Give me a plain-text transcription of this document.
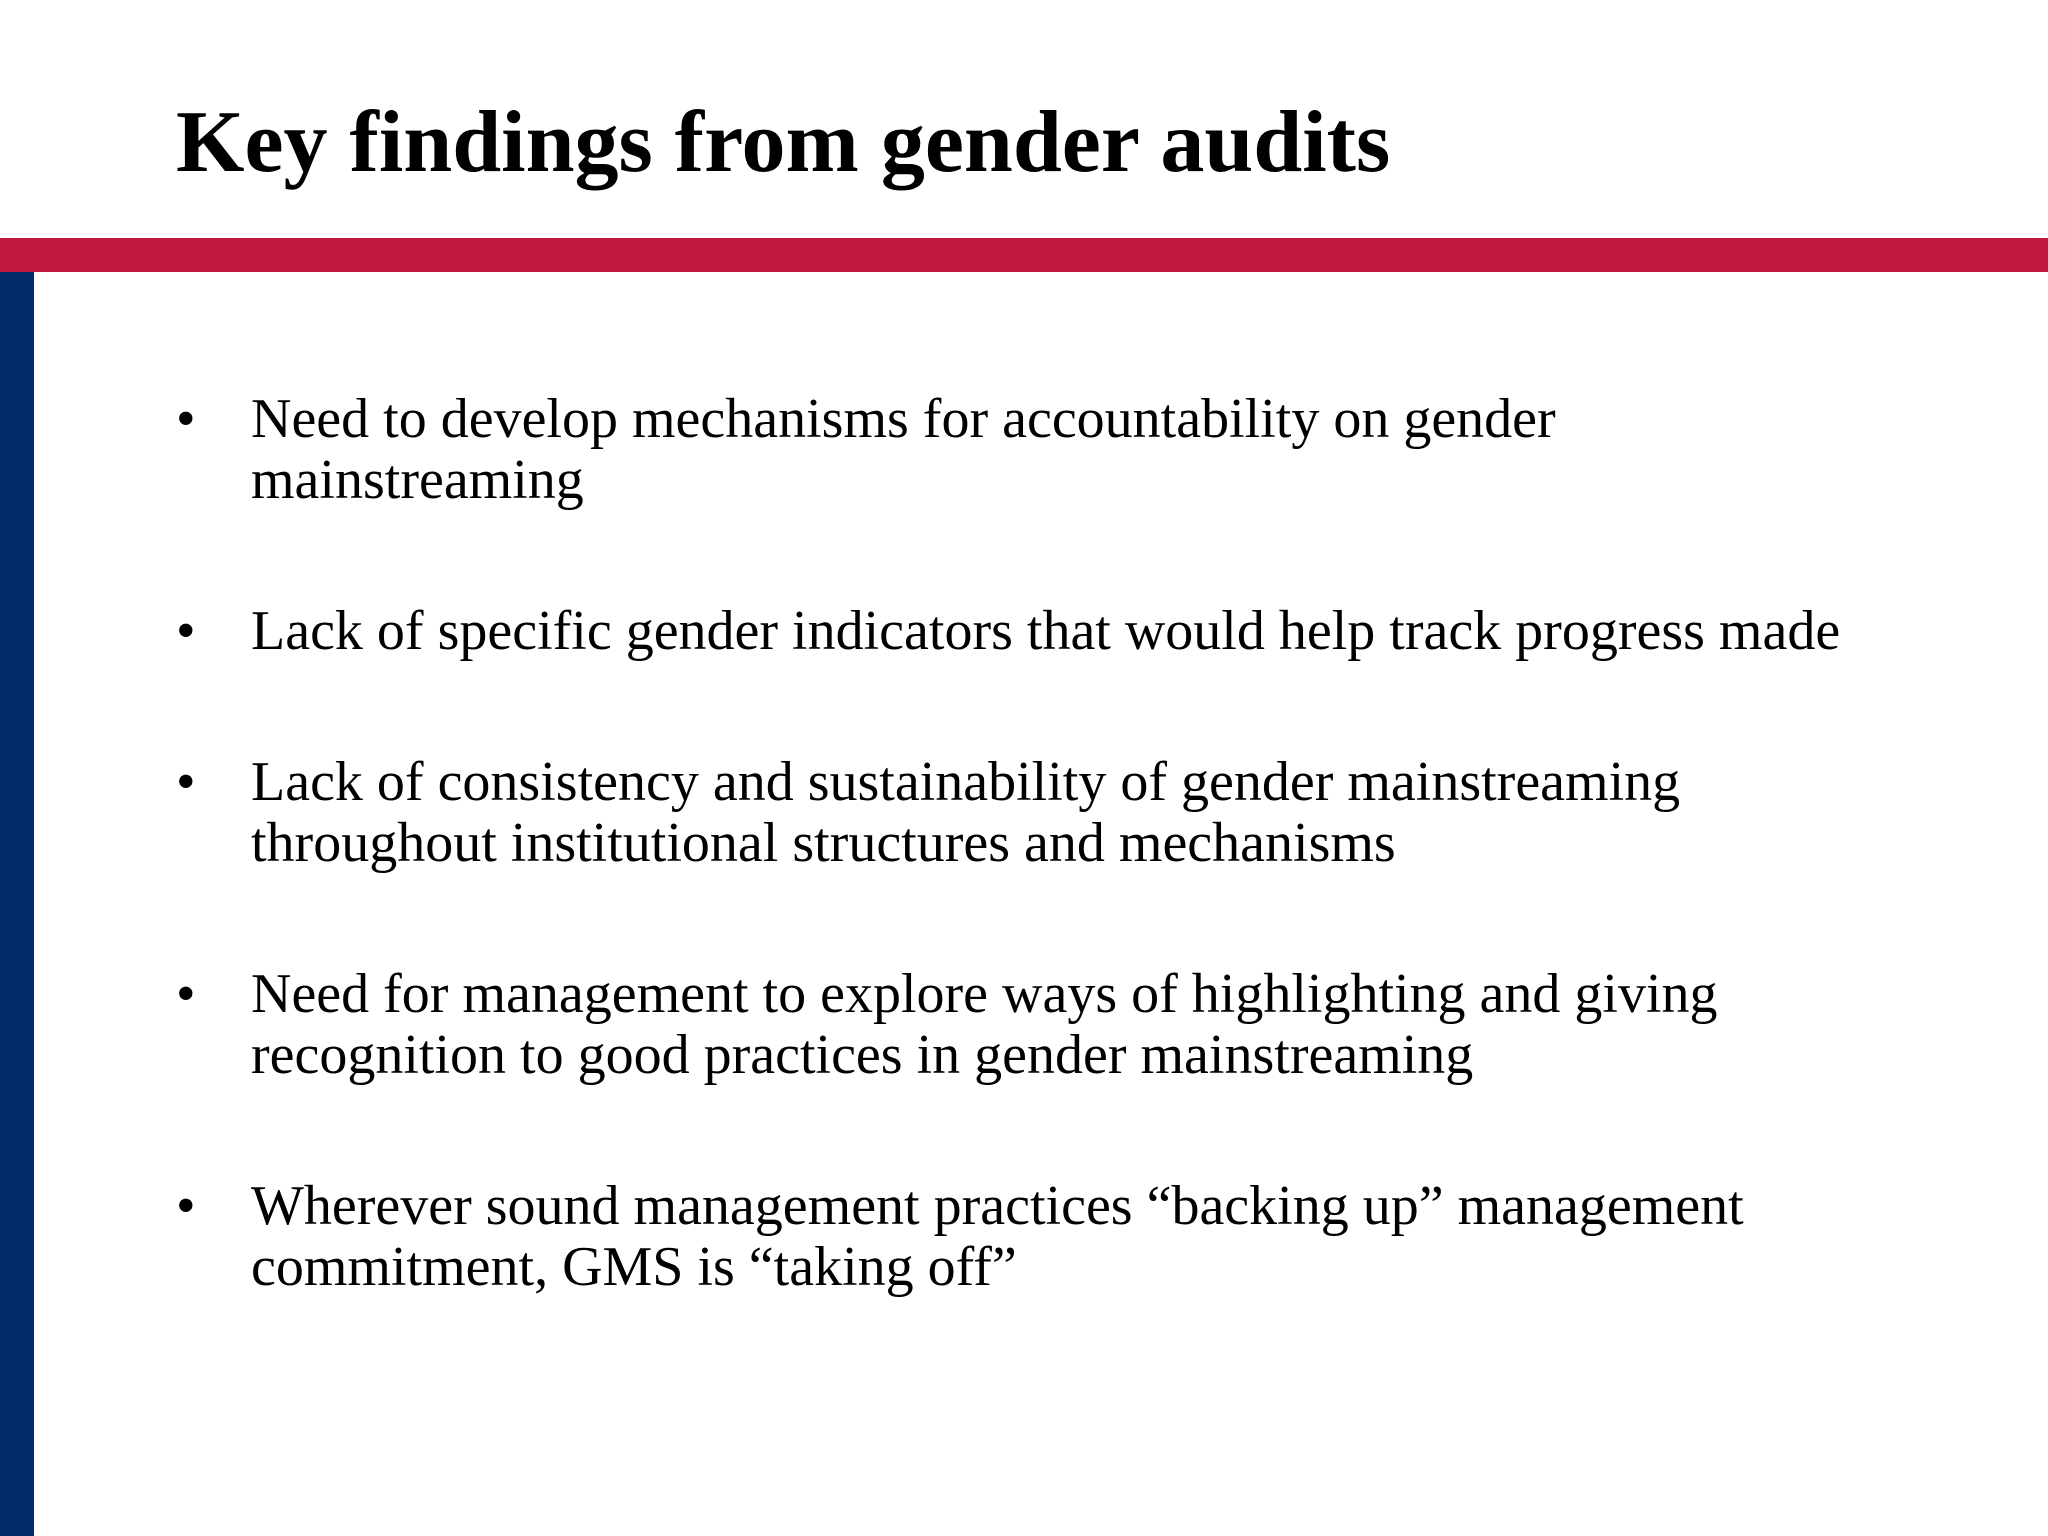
Key findings from gender audits
• Need to develop mechanisms for accountability on gender
mainstreaming
• Lack of specific gender indicators that would help track progress made
• Lack of consistency and sustainability of gender mainstreaming
throughout institutional structures and mechanisms
• Need for management to explore ways of highlighting and giving
recognition to good practices in gender mainstreaming
• Wherever sound management practices “backing up” management
commitment, GMS is “taking off”
